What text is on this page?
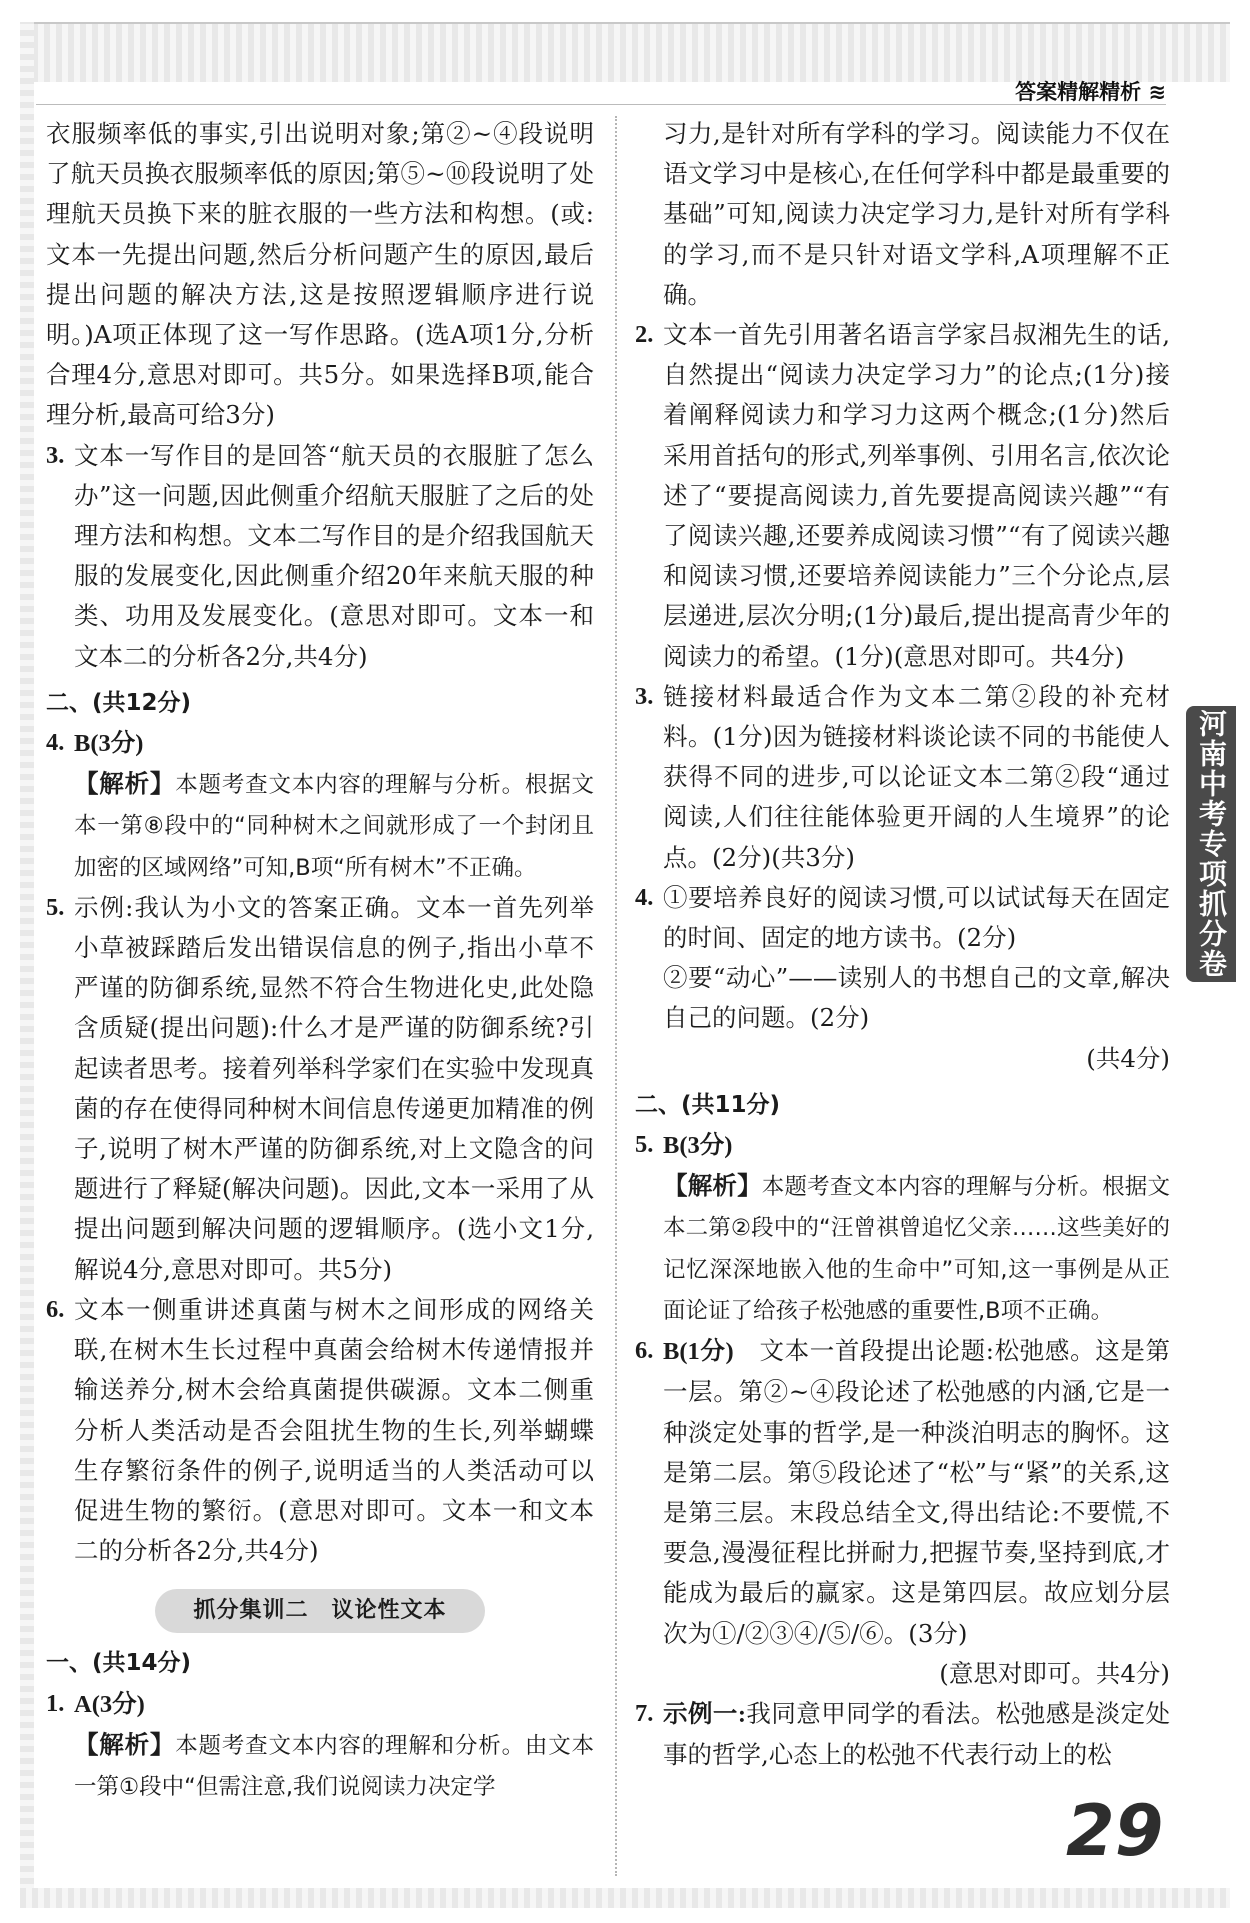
答案精解精析 ≋
河南中考专项抓分卷

衣服频率低的事实,引出说明对象;第②~④段说明了航天员换衣服频率低的原因;第⑤~⑩段说明了处理航天员换下来的脏衣服的一些方法和构想。(或:文本一先提出问题,然后分析问题产生的原因,最后提出问题的解决方法,这是按照逻辑顺序进行说明。)A项正体现了这一写作思路。(选A项1分,分析合理4分,意思对即可。共5分。如果选择B项,能合理分析,最高可给3分)

3. 文本一写作目的是回答“航天员的衣服脏了怎么办”这一问题,因此侧重介绍航天服脏了之后的处理方法和构想。文本二写作目的是介绍我国航天服的发展变化,因此侧重介绍20年来航天服的种类、功用及发展变化。(意思对即可。文本一和文本二的分析各2分,共4分)

二、(共12分)

4. B(3分)
【解析】本题考查文本内容的理解与分析。根据文本一第⑧段中的“同种树木之间就形成了一个封闭且加密的区域网络”可知,B项“所有树木”不正确。
5. 示例:我认为小文的答案正确。文本一首先列举小草被踩踏后发出错误信息的例子,指出小草不严谨的防御系统,显然不符合生物进化史,此处隐含质疑(提出问题):什么才是严谨的防御系统?引起读者思考。接着列举科学家们在实验中发现真菌的存在使得同种树木间信息传递更加精准的例子,说明了树木严谨的防御系统,对上文隐含的问题进行了释疑(解决问题)。因此,文本一采用了从提出问题到解决问题的逻辑顺序。(选小文1分,解说4分,意思对即可。共5分)
6. 文本一侧重讲述真菌与树木之间形成的网络关联,在树木生长过程中真菌会给树木传递情报并输送养分,树木会给真菌提供碳源。文本二侧重分析人类活动是否会阻扰生物的生长,列举蝴蝶生存繁衍条件的例子,说明适当的人类活动可以促进生物的繁衍。(意思对即可。文本一和文本二的分析各2分,共4分)
抓分集训二　议论性文本

一、(共14分)

1. A(3分)
【解析】本题考查文本内容的理解和分析。由文本一第①段中“但需注意,我们说阅读力决定学

习力,是针对所有学科的学习。阅读能力不仅在语文学习中是核心,在任何学科中都是最重要的基础”可知,阅读力决定学习力,是针对所有学科的学习,而不是只针对语文学科,A项理解不正确。

2. 文本一首先引用著名语言学家吕叔湘先生的话,自然提出“阅读力决定学习力”的论点;(1分)接着阐释阅读力和学习力这两个概念;(1分)然后采用首括句的形式,列举事例、引用名言,依次论述了“要提高阅读力,首先要提高阅读兴趣”“有了阅读兴趣,还要养成阅读习惯”“有了阅读兴趣和阅读习惯,还要培养阅读能力”三个分论点,层层递进,层次分明;(1分)最后,提出提高青少年的阅读力的希望。(1分)(意思对即可。共4分)
3. 链接材料最适合作为文本二第②段的补充材料。(1分)因为链接材料谈论读不同的书能使人获得不同的进步,可以论证文本二第②段“通过阅读,人们往往能体验更开阔的人生境界”的论点。(2分)(共3分)
4. ①要培养良好的阅读习惯,可以试试每天在固定的时间、固定的地方读书。(2分)
②要“动心”——读别人的书想自己的文章,解决自己的问题。(2分)
(共4分)

二、(共11分)

5. B(3分)
【解析】本题考查文本内容的理解与分析。根据文本二第②段中的“汪曾祺曾追忆父亲……这些美好的记忆深深地嵌入他的生命中”可知,这一事例是从正面论证了给孩子松弛感的重要性,B项不正确。
6. B(1分)　文本一首段提出论题:松弛感。这是第一层。第②~④段论述了松弛感的内涵,它是一种淡定处事的哲学,是一种淡泊明志的胸怀。这是第二层。第⑤段论述了“松”与“紧”的关系,这是第三层。末段总结全文,得出结论:不要慌,不要急,漫漫征程比拼耐力,把握节奏,坚持到底,才能成为最后的赢家。这是第四层。故应划分层次为①/②③④/⑤/⑥。(3分)
(意思对即可。共4分)
7. 示例一:我同意甲同学的看法。松弛感是淡定处事的哲学,心态上的松弛不代表行动上的松
29
